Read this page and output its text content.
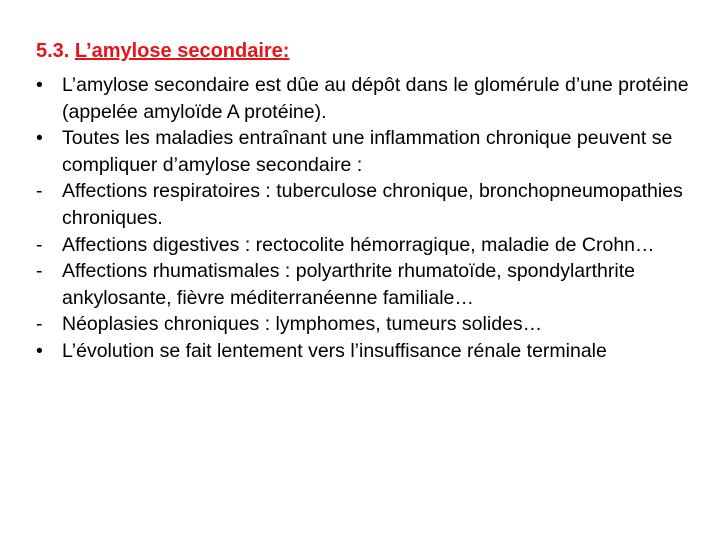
5.3. L’amylose secondaire:
• L’amylose secondaire est dûe au dépôt dans le glomérule d’une protéine (appelée amyloïde A protéine).
• Toutes les maladies entraînant une inflammation chronique peuvent se compliquer d’amylose secondaire :
-	Affections respiratoires : tuberculose chronique, bronchopneumopathies chroniques.
-	Affections digestives : rectocolite hémorragique, maladie de Crohn…
-	Affections rhumatismales : polyarthrite rhumatoïde, spondylarthrite ankylosante, fièvre méditerranéenne familiale…
-	Néoplasies chroniques : lymphomes, tumeurs solides…
• L’évolution se fait lentement vers l’insuffisance rénale terminale
